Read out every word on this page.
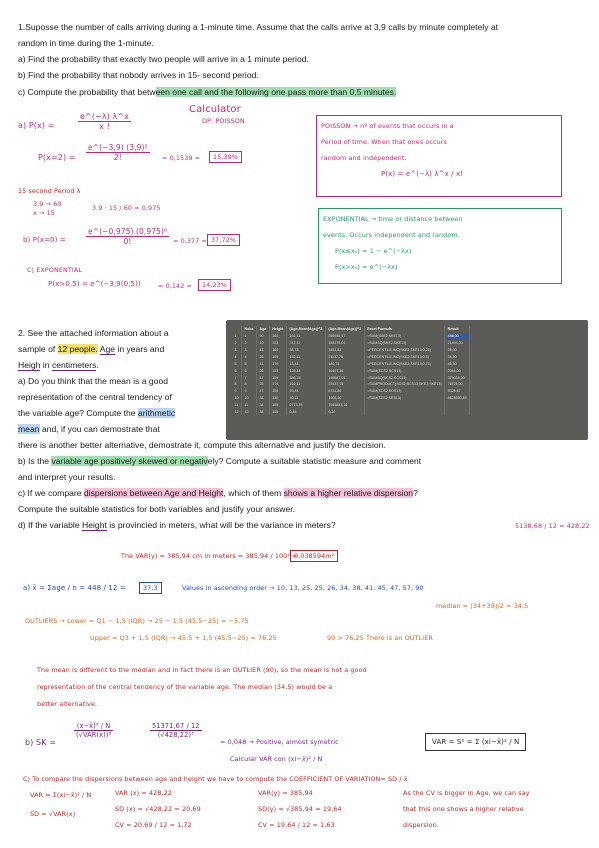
1.Suposse the number of calls arriving during a 1-minute time. Assume that the calls arrive at 3,9 calls by minute completely at
random in time during the 1-minute.
a) Find the probability that exactly two people will arrive in a 1 minute period.
b) Find the probability that nobody arrives in 15- second period.
c) Compute the probability that between one call and the following one pass more than 0,5 minutes.
Calculator
DP: POISSON
a) P(x) =	$\frac{e\^{}(-\lambda) \lambda\^{}x}{x !}$
$P(x=2) = \frac{\text{e\textasciicircum{}(−3,9) (3,9)²}}{2!} = 0,1539$ =	15,39%
15 second Period λ
3,9 → 60
x → 15
3,9 · 15 / 60 = 0,975
b) P(x=0) =	$\frac{\text{e\textasciicircum{}(−0,975) (0,975)⁰}}{0!} = 0,377 = 37,72\%$
C) EXPONENTIAL
P(x>0,5) = e^(−3,9(0,5))	= 0,142 =	14,23%
POISSON → nº of events that occurs in a
Period of time. When that ones occurs
random and independent.
P(x) = e^(−λ) λ^x / x!
EXPONENTIAL → time or distance between
events. Occurs independent and random.
P(x≤x₀) = 1 − e^(−λx)
P(x>x₀) = e^(−λx)
2. See the attached information about a
sample of 12 people. Age in years and
Heigh in centimeters.
a) Do you think that the mean is a good
representation of the central tendency of
the variable age? Compute the arithmetic
mean and, if you can demostrate that
there is another better alternative, demostrate it, compute this alternative and justify the decision.
b) Is the variable age positively skewed or negatively? Compute a suitable statistic measure and comment
and interpret your results.
c) If we compare dispersions between Age and Height, which of them shows a higher relative dispersion?
Compute the suitable statistics for both variables and justify your answer.
d) If the variable Height is provincied in meters, what will be the variance in meters?	5138,68 / 12 = 428,22
	Nobs	Age	Height	(Age-Mean(Age))^3	(Age-Mean(Age))^2	Excel Formula	Result
1	1	90	160	151,11	256935,17	=SUM(SKE2:SKE13)	448,00
2	2	10	153	747,11	158175,01	=SUMSQ(SKE2:SKE13)	21494,00
3	3	45	180	58,78	3454,81	=PERCENTILE.INC(SKE2:SKE13;0,25)	25,00
4	4	25	165	152,11	21137,75	=PERCENTILE.INC(SKE2:SKE13;0,5)	34,50
5	5	41	170	13,44	180,75	=PERCENTILE.INC(SKE2:SKE13;0,75)	45,50
6	6	26	153	128,44	16497,36	=SUM(SCS2:SCS13)	2044,00
7	7	57	159	386,78	149587,01	=SUMSQ(SCS2:SCS13)	379034,00
8	8	25	174	152,11	23137,75	=SUMPRODUCT(SCS2:SCS13;SKE2:SKE13)	76721,00
9	9	47	158	93,44	8731,86	=SUM(SDS2:SDS13)	5328,67
10	10	38	130	40,11	1608,90	=SUM(SES2:SES13)	8828590,89
11	11	34	185	2773,78	7693843,16		
12	12	38	155	0,44	0,20		
The VAR(y) = 385,94 cm in meters = 385,94 / 100² =
0,038594m²
a) x̄ = Σage / n = 448 / 12 =	37,3	Values in ascending order → 10, 13, 25, 25, 26, 34, 38, 41, 45, 47, 57, 90
median = (34+38)/2 = 34,5
OUTLIERS → Lower = Q1 − 1,5 (IQR) → 25 − 1,5 (45,5−25) = −5,75
Upper = Q3 + 1,5 (IQR) → 45,5 + 1,5 (45,5−25) = 76,25	90 > 76,25 There is an OUTLIER
The mean is different to the median and in fact there is an OUTLIER (90), so the mean is not a good
representation of the central tendency of the variable age. The median (34,5) would be a
better alternative.
b) SK =
(x−x̄)³ / N
(√VAR(x))³	$\frac{51371,67 / 12}{\text{(√428,22)³}}$
= 0,048 → Positive, almost symetric
Calcular VAR con (xi−x̄)² / N
VAR = S² = Σ (xi−x̄)² / N
C) To compare the dispersions between age and height we have to compute the COEFFICIENT OF VARIATION= SD / x̄
VAR = Σ(xi−x̄)² / N
SD = √VAR(x)
VAR (x) = 428,22
SD (x) = √428,22 = 20,69
CV = 20,69 / 12 = 1,72
VAR(y) = 385,94
SD(y) = √385,94 = 19,64
CV = 19,64 / 12 = 1,63
As the CV is bigger in Age, we can say
that this one shows a higher relative
dispersion.
